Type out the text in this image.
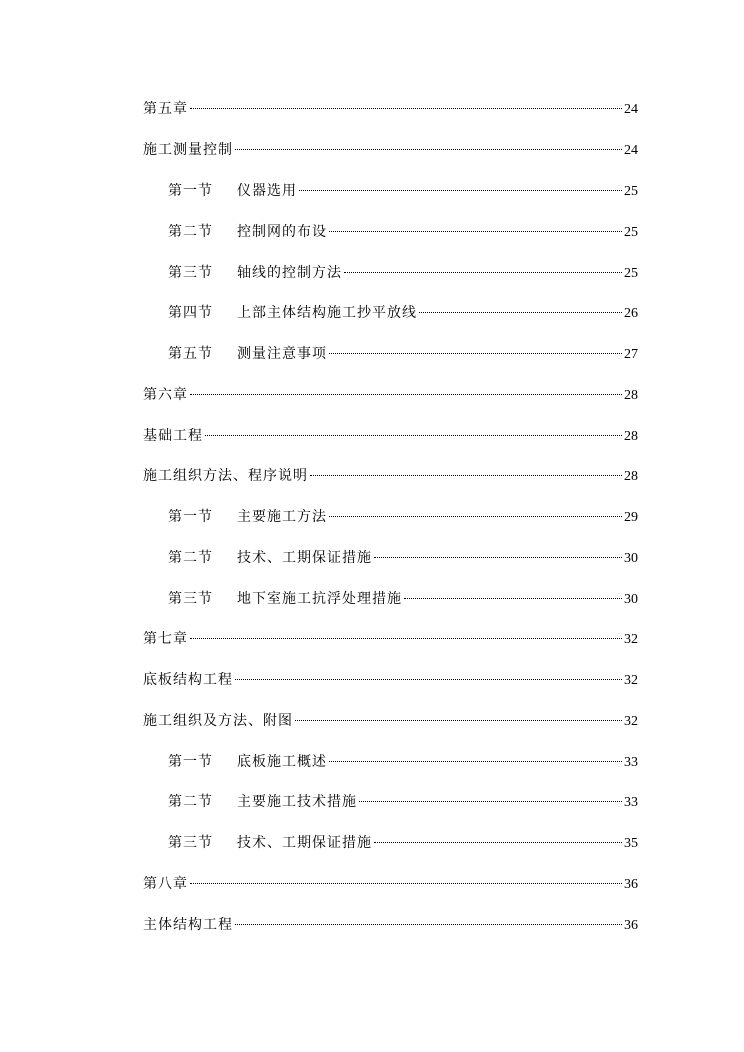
第五章	24
施工测量控制	24
第一节 仪器选用	25
第二节 控制网的布设	25
第三节 轴线的控制方法	25
第四节 上部主体结构施工抄平放线	26
第五节 测量注意事项	27
第六章	28
基础工程	28
施工组织方法、程序说明	28
第一节 主要施工方法	29
第二节 技术、工期保证措施	30
第三节 地下室施工抗浮处理措施	30
第七章	32
底板结构工程	32
施工组织及方法、附图	32
第一节 底板施工概述	33
第二节 主要施工技术措施	33
第三节 技术、工期保证措施	35
第八章	36
主体结构工程	36
